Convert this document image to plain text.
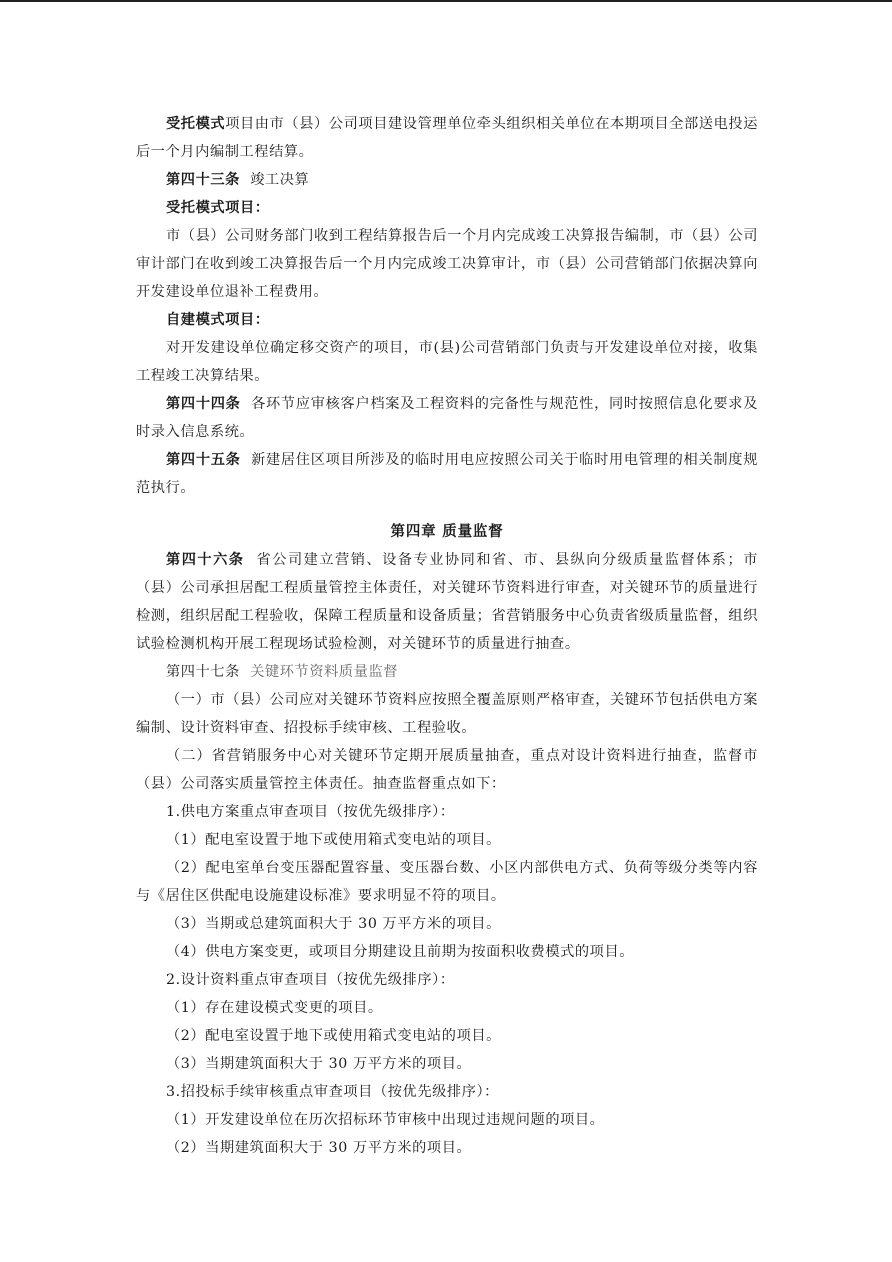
受托模式项目由市（县）公司项目建设管理单位牵头组织相关单位在本期项目全部送电投运后一个月内编制工程结算。

第四十三条 竣工决算

受托模式项目：

市（县）公司财务部门收到工程结算报告后一个月内完成竣工决算报告编制，市（县）公司审计部门在收到竣工决算报告后一个月内完成竣工决算审计，市（县）公司营销部门依据决算向开发建设单位退补工程费用。

自建模式项目：

对开发建设单位确定移交资产的项目，市(县)公司营销部门负责与开发建设单位对接，收集工程竣工决算结果。

第四十四条 各环节应审核客户档案及工程资料的完备性与规范性，同时按照信息化要求及时录入信息系统。

第四十五条 新建居住区项目所涉及的临时用电应按照公司关于临时用电管理的相关制度规范执行。

第四章 质量监督

第四十六条 省公司建立营销、设备专业协同和省、市、县纵向分级质量监督体系；市（县）公司承担居配工程质量管控主体责任，对关键环节资料进行审查，对关键环节的质量进行检测，组织居配工程验收，保障工程质量和设备质量；省营销服务中心负责省级质量监督，组织试验检测机构开展工程现场试验检测，对关键环节的质量进行抽查。

第四十七条 关键环节资料质量监督

（一）市（县）公司应对关键环节资料应按照全覆盖原则严格审查，关键环节包括供电方案编制、设计资料审查、招投标手续审核、工程验收。

（二）省营销服务中心对关键环节定期开展质量抽查，重点对设计资料进行抽查，监督市（县）公司落实质量管控主体责任。抽查监督重点如下：

1.供电方案重点审查项目（按优先级排序）：

（1）配电室设置于地下或使用箱式变电站的项目。

（2）配电室单台变压器配置容量、变压器台数、小区内部供电方式、负荷等级分类等内容与《居住区供配电设施建设标准》要求明显不符的项目。

（3）当期或总建筑面积大于 30 万平方米的项目。

（4）供电方案变更，或项目分期建设且前期为按面积收费模式的项目。

2.设计资料重点审查项目（按优先级排序）：

（1）存在建设模式变更的项目。

（2）配电室设置于地下或使用箱式变电站的项目。

（3）当期建筑面积大于 30 万平方米的项目。

3.招投标手续审核重点审查项目（按优先级排序）：

（1）开发建设单位在历次招标环节审核中出现过违规问题的项目。

（2）当期建筑面积大于 30 万平方米的项目。
